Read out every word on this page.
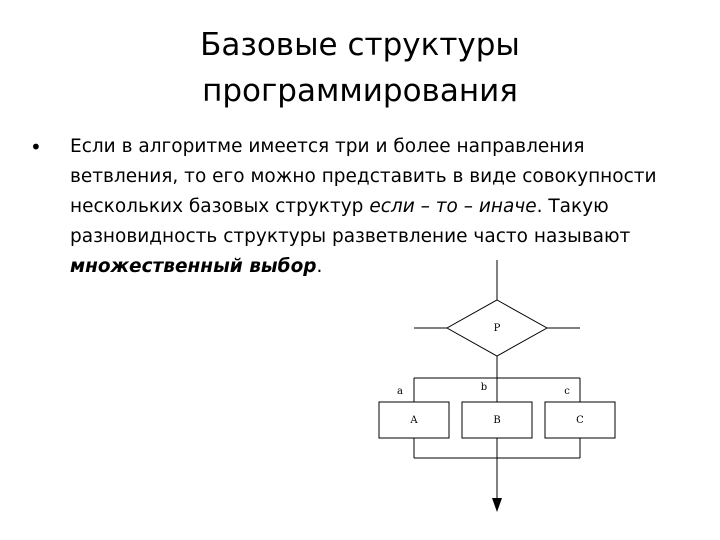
Базовые структуры
программирования
• Если в алгоритме имеется три и более направления
ветвления, то его можно представить в виде совокупности
нескольких базовых структур если – то – иначе. Такую
разновидность структуры разветвление часто называют
множественный выбор.
P
a	b	c
A	B	C
